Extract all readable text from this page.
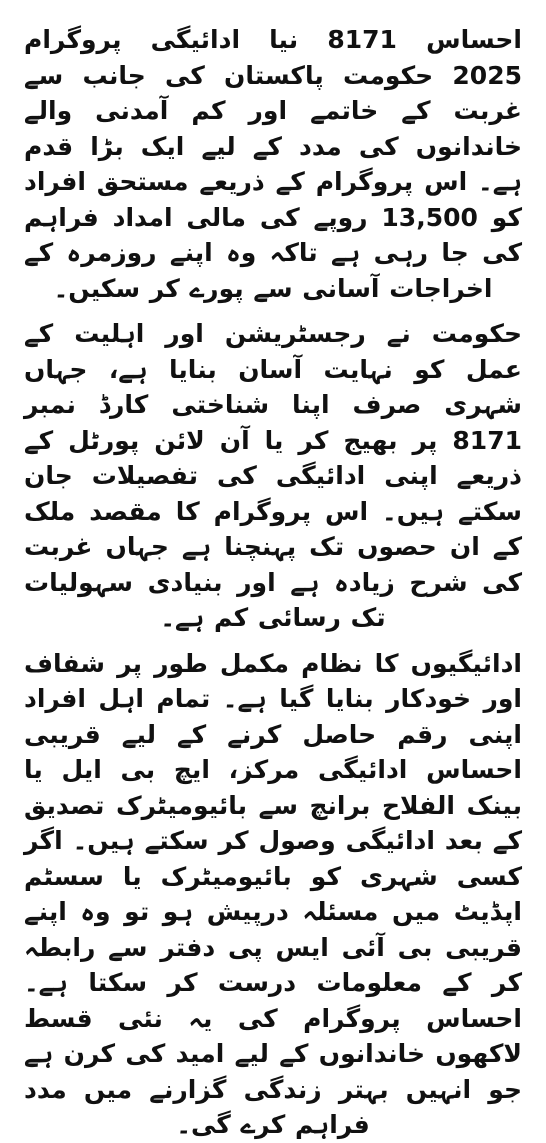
احساس 8171 نیا ادائیگی پروگرام 2025 حکومت پاکستان کی جانب سے غربت کے خاتمے اور کم آمدنی والے خاندانوں کی مدد کے لیے ایک بڑا قدم ہے۔ اس پروگرام کے ذریعے مستحق افراد کو 13,500 روپے کی مالی امداد فراہم کی جا رہی ہے تاکہ وہ اپنے روزمرہ کے اخراجات آسانی سے پورے کر سکیں۔

حکومت نے رجسٹریشن اور اہلیت کے عمل کو نہایت آسان بنایا ہے، جہاں شہری صرف اپنا شناختی کارڈ نمبر 8171 پر بھیج کر یا آن لائن پورٹل کے ذریعے اپنی ادائیگی کی تفصیلات جان سکتے ہیں۔ اس پروگرام کا مقصد ملک کے ان حصوں تک پہنچنا ہے جہاں غربت کی شرح زیادہ ہے اور بنیادی سہولیات تک رسائی کم ہے۔

ادائیگیوں کا نظام مکمل طور پر شفاف اور خودکار بنایا گیا ہے۔ تمام اہل افراد اپنی رقم حاصل کرنے کے لیے قریبی احساس ادائیگی مرکز، ایچ بی ایل یا بینک الفلاح برانچ سے بائیومیٹرک تصدیق کے بعد ادائیگی وصول کر سکتے ہیں۔ اگر کسی شہری کو بائیومیٹرک یا سسٹم اپڈیٹ میں مسئلہ درپیش ہو تو وہ اپنے قریبی بی آئی ایس پی دفتر سے رابطہ کر کے معلومات درست کر سکتا ہے۔ احساس پروگرام کی یہ نئی قسط لاکھوں خاندانوں کے لیے امید کی کرن ہے جو انہیں بہتر زندگی گزارنے میں مدد فراہم کرے گی۔
